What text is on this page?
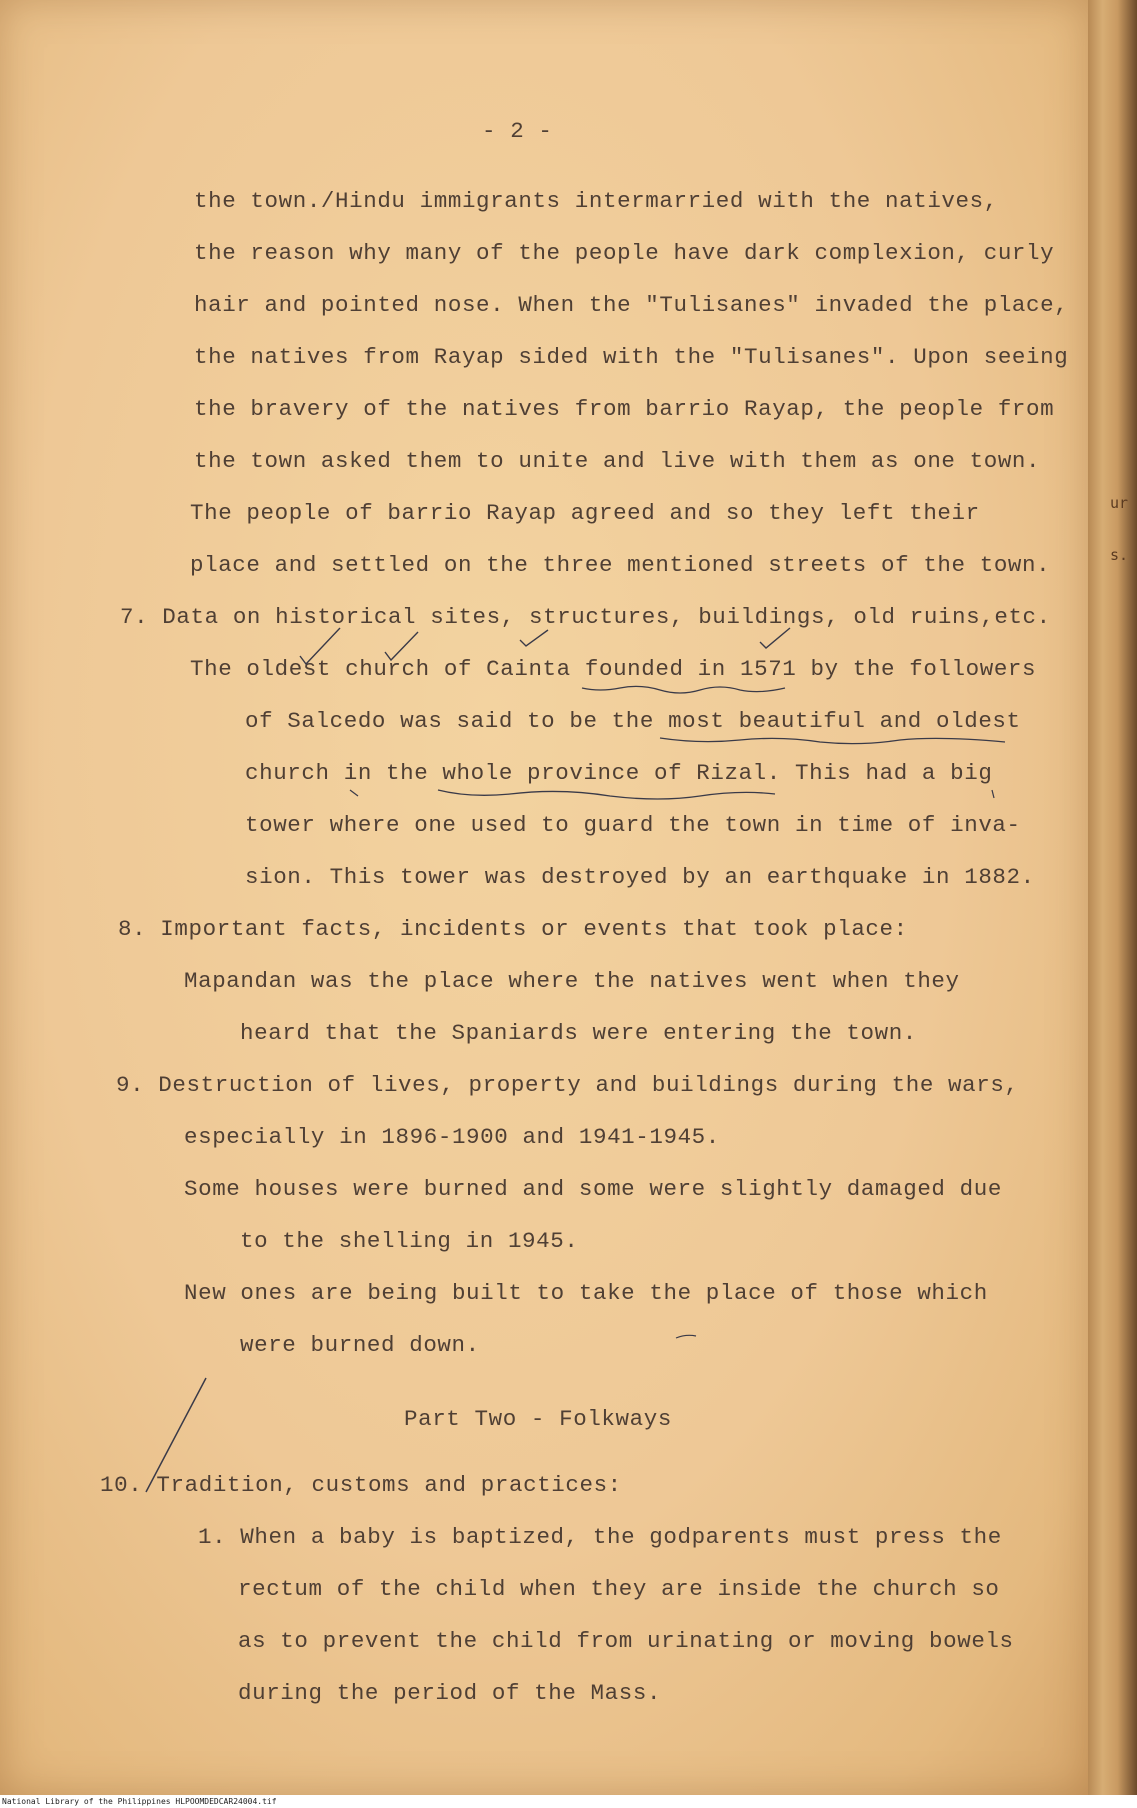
- 2 -
the town./Hindu immigrants intermarried with the natives,
the reason why many of the people have dark complexion, curly
hair and pointed nose. When the "Tulisanes" invaded the place,
the natives from Rayap sided with the "Tulisanes". Upon seeing
the bravery of the natives from barrio Rayap, the people from
the town asked them to unite and live with them as one town.
The people of barrio Rayap agreed and so they left their
place and settled on the three mentioned streets of the town.
7. Data on historical sites, structures, buildings, old ruins,etc.
The oldest church of Cainta founded in 1571 by the followers
of Salcedo was said to be the most beautiful and oldest
church in the whole province of Rizal. This had a big
tower where one used to guard the town in time of inva-
sion. This tower was destroyed by an earthquake in 1882.
8. Important facts, incidents or events that took place:
Mapandan was the place where the natives went when they
heard that the Spaniards were entering the town.
9. Destruction of lives, property and buildings during the wars,
especially in 1896-1900 and 1941-1945.
Some houses were burned and some were slightly damaged due
to the shelling in 1945.
New ones are being built to take the place of those which
were burned down.
Part Two - Folkways
10. Tradition, customs and practices:
1. When a baby is baptized, the godparents must press the
rectum of the child when they are inside the church so
as to prevent the child from urinating or moving bowels
during the period of the Mass.
ur
s.
National Library of the Philippines HLPOOMDEDCAR24004.tif
